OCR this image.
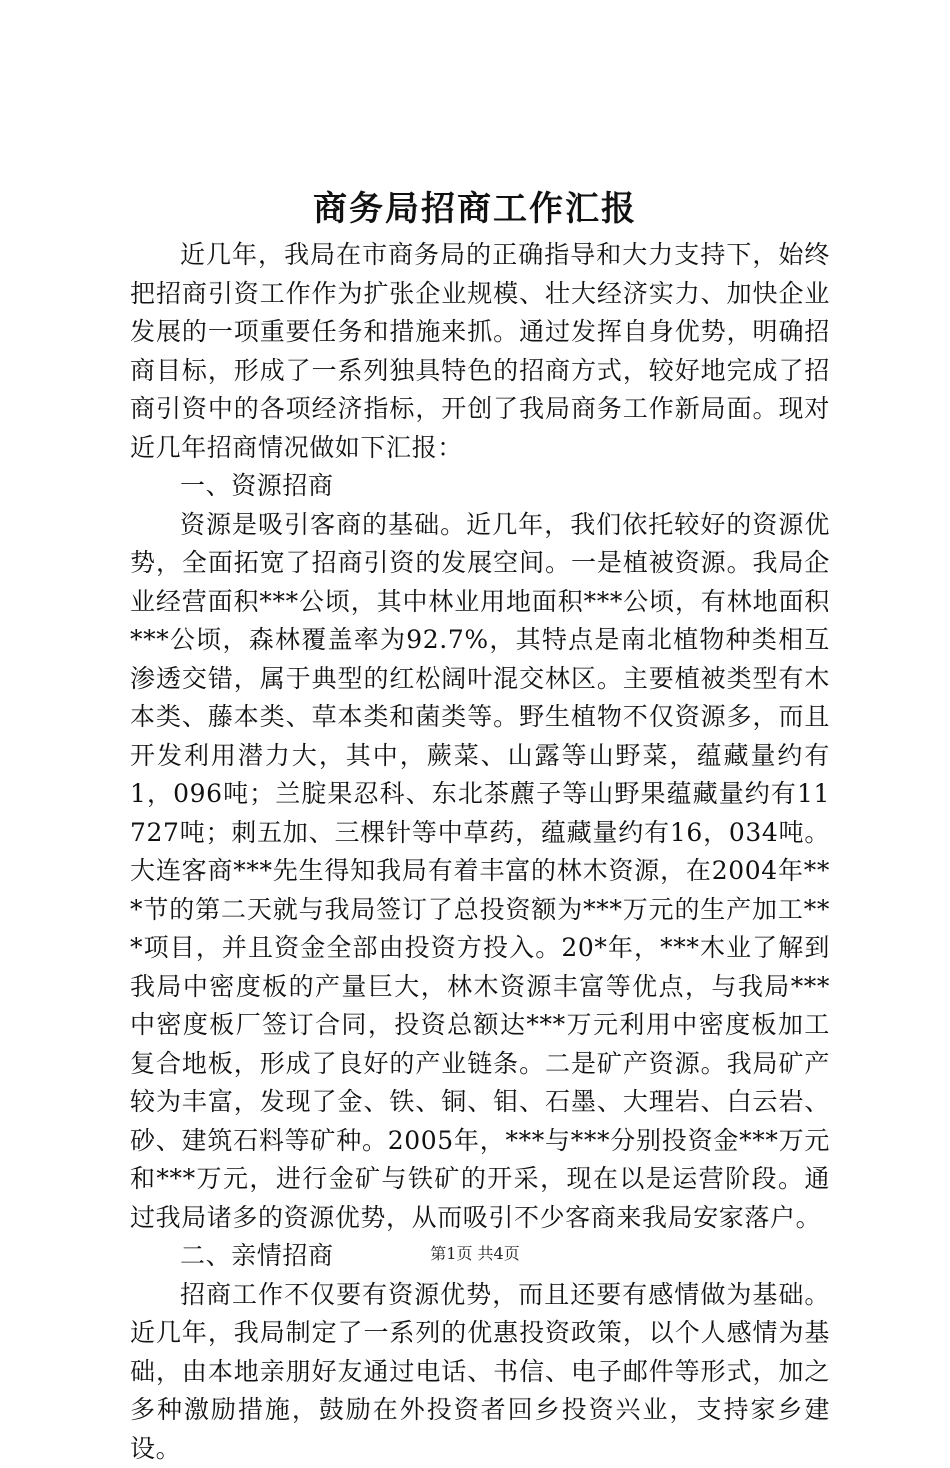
商务局招商工作汇报

近几年，我局在市商务局的正确指导和大力支持下，始终把招商引资工作作为扩张企业规模、壮大经济实力、加快企业发展的一项重要任务和措施来抓。通过发挥自身优势，明确招商目标，形成了一系列独具特色的招商方式，较好地完成了招商引资中的各项经济指标，开创了我局商务工作新局面。现对近几年招商情况做如下汇报：

一、资源招商

资源是吸引客商的基础。近几年，我们依托较好的资源优势，全面拓宽了招商引资的发展空间。一是植被资源。我局企业经营面积***公顷，其中林业用地面积***公顷，有林地面积***公顷，森林覆盖率为92.7%，其特点是南北植物种类相互渗透交错，属于典型的红松阔叶混交林区。主要植被类型有木本类、藤本类、草本类和菌类等。野生植物不仅资源多，而且开发利用潜力大，其中，蕨菜、山露等山野菜，蕴藏量约有1，096吨；兰腚果忍科、东北茶藨子等山野果蕴藏量约有11727吨；刺五加、三棵针等中草药，蕴藏量约有16，034吨。大连客商***先生得知我局有着丰富的林木资源，在2004年***节的第二天就与我局签订了总投资额为***万元的生产加工***项目，并且资金全部由投资方投入。20*年，***木业了解到我局中密度板的产量巨大，林木资源丰富等优点，与我局***中密度板厂签订合同，投资总额达***万元利用中密度板加工复合地板，形成了良好的产业链条。二是矿产资源。我局矿产较为丰富，发现了金、铁、铜、钼、石墨、大理岩、白云岩、砂、建筑石料等矿种。2005年，***与***分别投资金***万元和***万元，进行金矿与铁矿的开采，现在以是运营阶段。通过我局诸多的资源优势，从而吸引不少客商来我局安家落户。

二、亲情招商

招商工作不仅要有资源优势，而且还要有感情做为基础。近几年，我局制定了一系列的优惠投资政策，以个人感情为基础，由本地亲朋好友通过电话、书信、电子邮件等形式，加之多种激励措施，鼓励在外投资者回乡投资兴业，支持家乡建设。

第1页 共4页
